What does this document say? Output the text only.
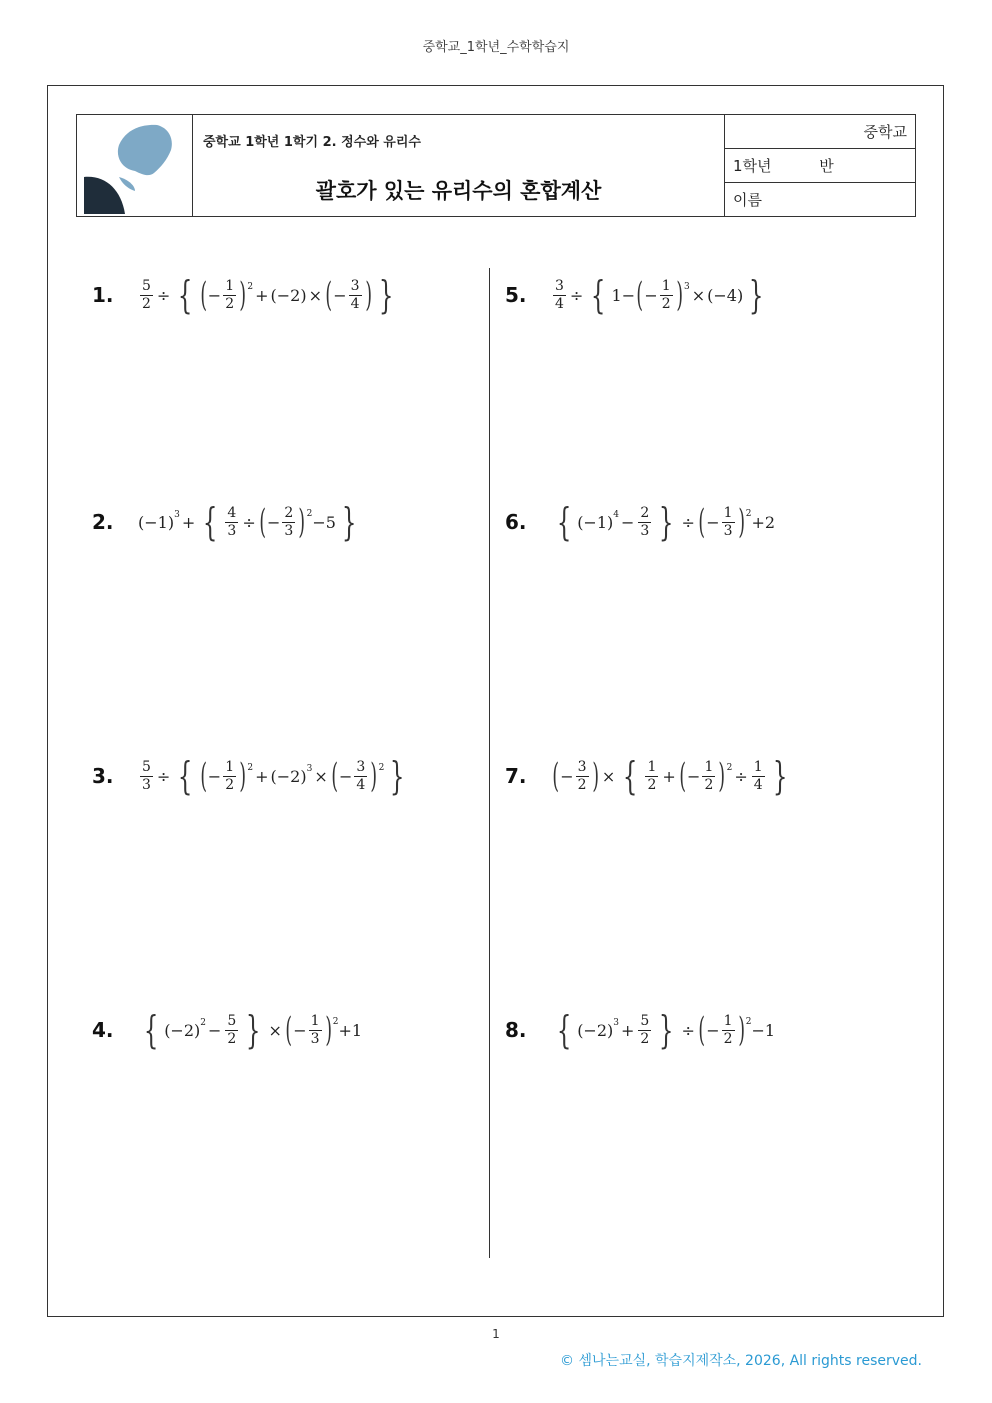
중학교_1학년_수학학습지
중학교 1학년 1학기 2. 정수와 유리수
괄호가 있는 유리수의 혼합계산
중학교
1학년          반
이름
1.	$\frac{5}{2}$ ÷ { ( − $\frac{1}{2}$ ) 2 + (−2) × ( − $\frac{3}{4}$ ) }
2.	(−1) 3 + { $\frac{4}{3}$ ÷ ( − $\frac{2}{3}$ ) 2 −5 }
3.	$\frac{5}{3}$ ÷ { ( − $\frac{1}{2}$ ) 2 + (−2) 3 × ( − $\frac{3}{4}$ ) 2 }
4. { (−2) $2 - \frac{5}{2}$ } × ( − $\frac{1}{3}$ ) 2 +1
5.	$\frac{3}{4}$ ÷ { 1− ( − $\frac{1}{2}$ ) 3 × (−4) }
6. { (−1) $4 - \frac{2}{3}$ } ÷ ( − $\frac{1}{3}$ ) 2 +2
7. ( − $\frac{3}{2}$ ) × { $\frac{1}{2}$ + ( − $\frac{1}{2}$ ) $2 \div \frac{1}{4}$ }
8. { (−2) $3 + \frac{5}{2}$ } ÷ ( − $\frac{1}{2}$ ) 2 −1
1
© 셈나는교실, 학습지제작소, 2026, All rights reserved.
